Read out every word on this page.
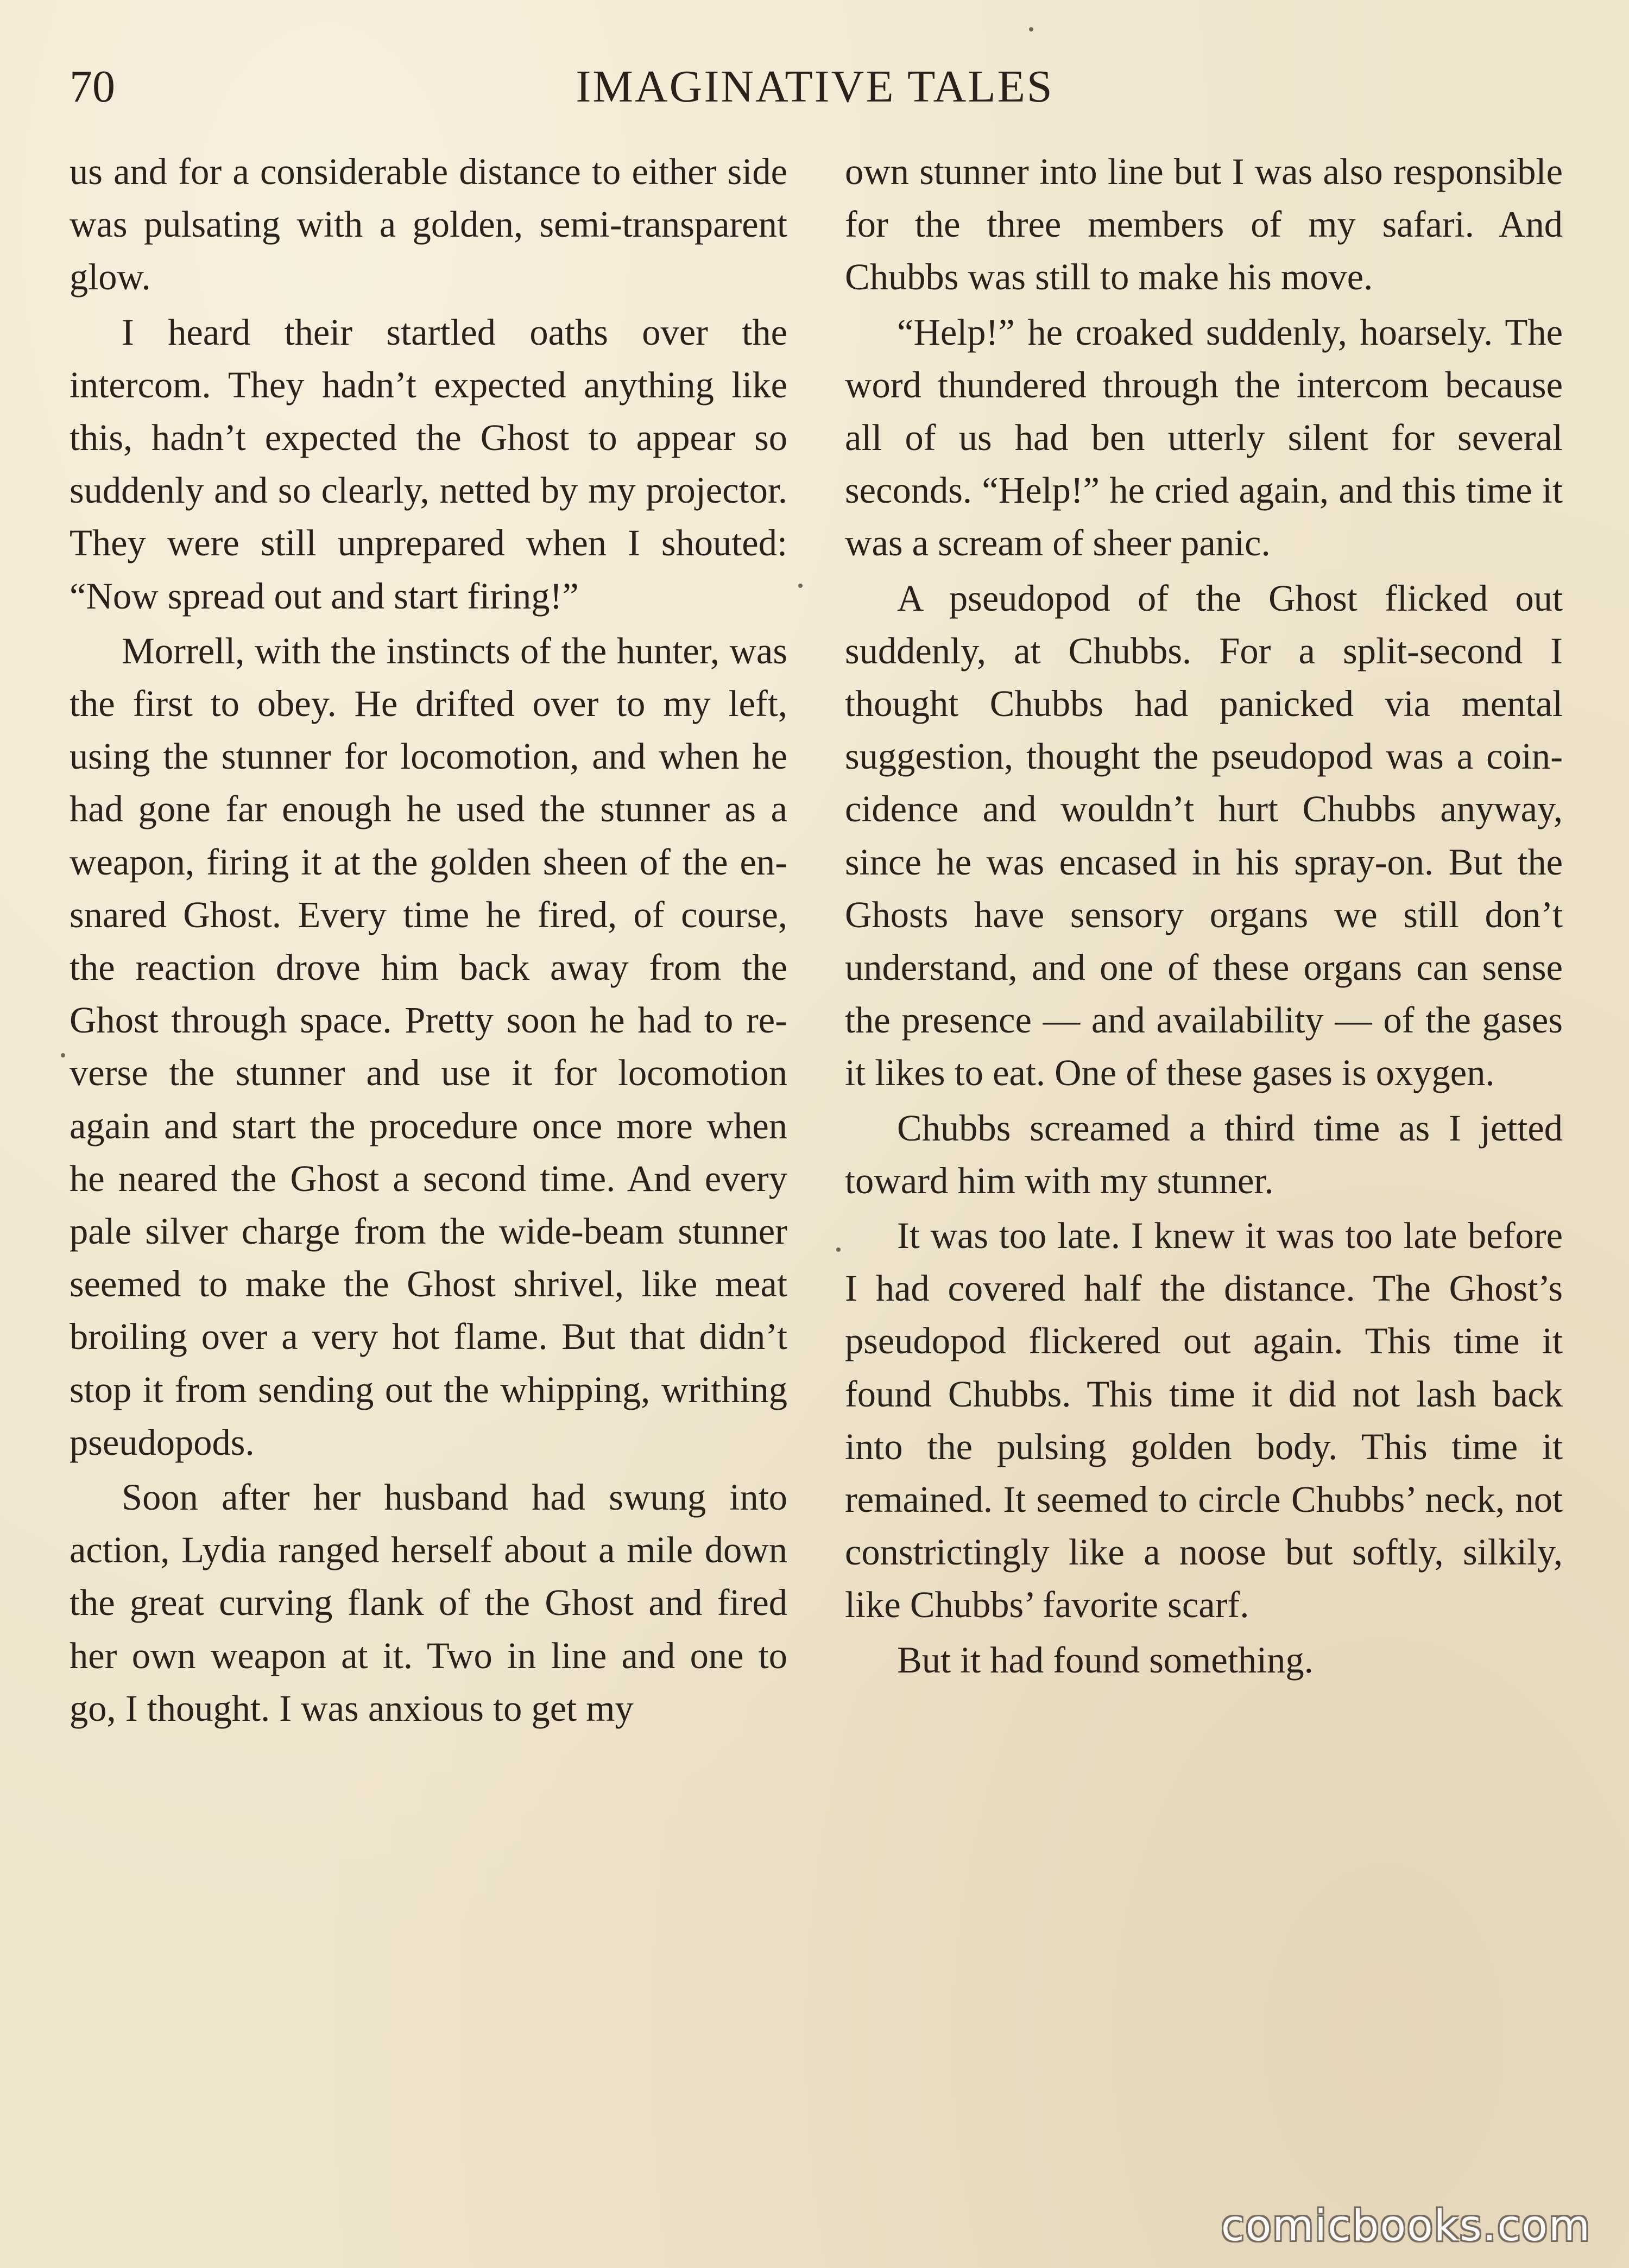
70	IMAGINATIVE TALES

us and for a considerable distance to either side was pulsating with a golden, semi-transparent glow.

I heard their startled oaths over the intercom. They hadn’t expected anything like this, hadn’t expected the Ghost to appear so suddenly and so clearly, netted by my projector. They were still unprepared when I shouted: “Now spread out and start firing!”

Morrell, with the instincts of the hunter, was the first to obey. He drifted over to my left, using the stunner for locomotion, and when he had gone far enough he used the stunner as a weapon, firing it at the golden sheen of the ensnared Ghost. Every time he fired, of course, the reaction drove him back away from the Ghost through space. Pretty soon he had to reverse the stunner and use it for locomotion again and start the procedure once more when he neared the Ghost a second time. And every pale silver charge from the wide-beam stunner seemed to make the Ghost shrivel, like meat broiling over a very hot flame. But that didn’t stop it from sending out the whipping, writhing pseudopods.

Soon after her husband had swung into action, Lydia ranged herself about a mile down the great curving flank of the Ghost and fired her own weapon at it. Two in line and one to go, I thought. I was anxious to get my

own stunner into line but I was also responsible for the three members of my safari. And Chubbs was still to make his move.

“Help!” he croaked suddenly, hoarsely. The word thundered through the intercom because all of us had ben utterly silent for several seconds. “Help!” he cried again, and this time it was a scream of sheer panic.

A pseudopod of the Ghost flicked out suddenly, at Chubbs. For a split-second I thought Chubbs had panicked via mental suggestion, thought the pseudopod was a coincidence and wouldn’t hurt Chubbs anyway, since he was encased in his spray-on. But the Ghosts have sensory organs we still don’t understand, and one of these organs can sense the presence — and availability — of the gases it likes to eat. One of these gases is oxygen.

Chubbs screamed a third time as I jetted toward him with my stunner.

It was too late. I knew it was too late before I had covered half the distance. The Ghost’s pseudopod flickered out again. This time it found Chubbs. This time it did not lash back into the pulsing golden body. This time it remained. It seemed to circle Chubbs’ neck, not constrictingly like a noose but softly, silkily, like Chubbs’ favorite scarf.

But it had found something.

comicbooks.com
